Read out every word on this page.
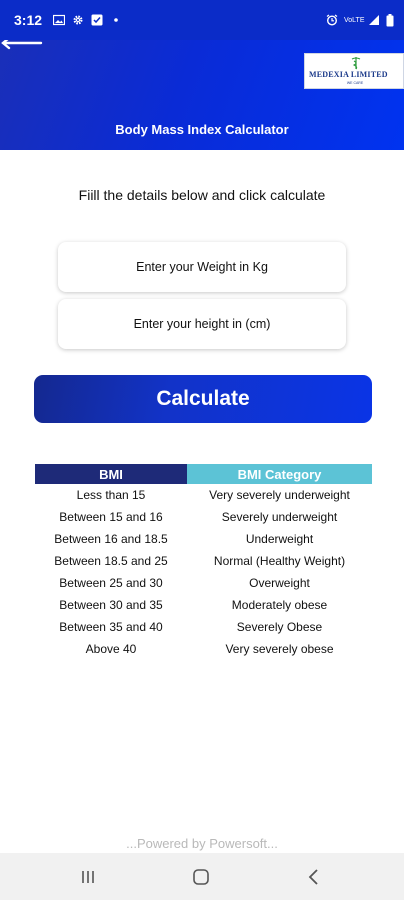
3:12	VoLTE
MEDEXIA LIMITED
WE CARE
Body Mass Index Calculator
Fiill the details below and click calculate
Enter your Weight in Kg
Enter your height in (cm)
Calculate
BMI	BMI Category
Less than 15	Very severely underweight
Between 15 and 16	Severely underweight
Between 16 and 18.5	Underweight
Between 18.5 and 25	Normal (Healthy Weight)
Between 25 and 30	Overweight
Between 30 and 35	Moderately obese
Between 35 and 40	Severely Obese
Above 40	Very severely obese
...Powered by Powersoft...
